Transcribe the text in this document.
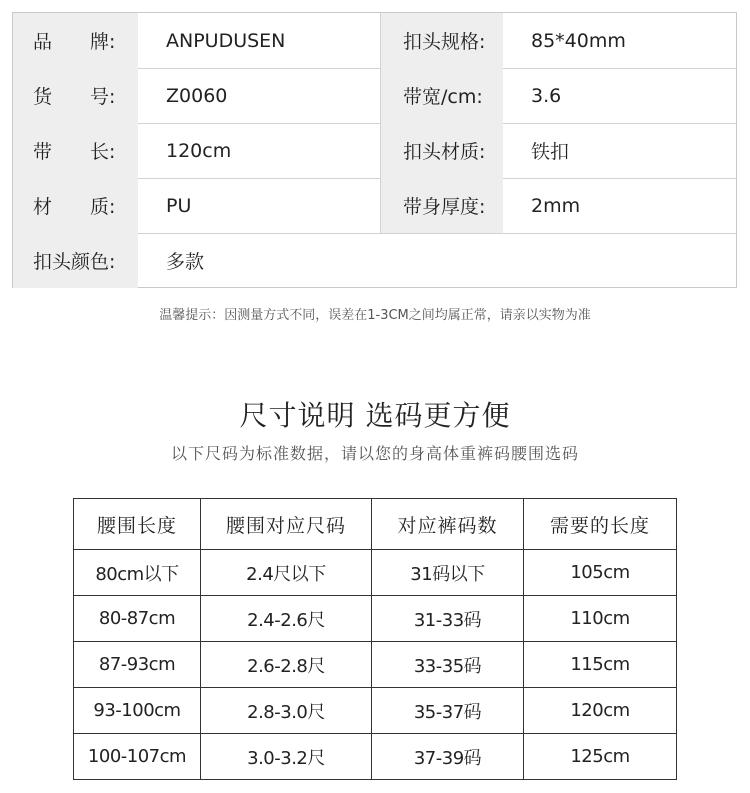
品　　牌:	ANPUDUSEN	扣头规格:	85*40mm
货　　号:	Z0060	带宽/cm:	3.6
带　　长:	120cm	扣头材质:	铁扣
材　　质:	PU	带身厚度:	2mm
扣头颜色:	多款
温馨提示：因测量方式不同，误差在1-3CM之间均属正常，请亲以实物为准
尺寸说明 选码更方便
以下尺码为标准数据，请以您的身高体重裤码腰围选码
腰围长度	腰围对应尺码	对应裤码数	需要的长度
80cm以下	2.4尺以下	31码以下	105cm
80-87cm	2.4-2.6尺	31-33码	110cm
87-93cm	2.6-2.8尺	33-35码	115cm
93-100cm	2.8-3.0尺	35-37码	120cm
100-107cm	3.0-3.2尺	37-39码	125cm
